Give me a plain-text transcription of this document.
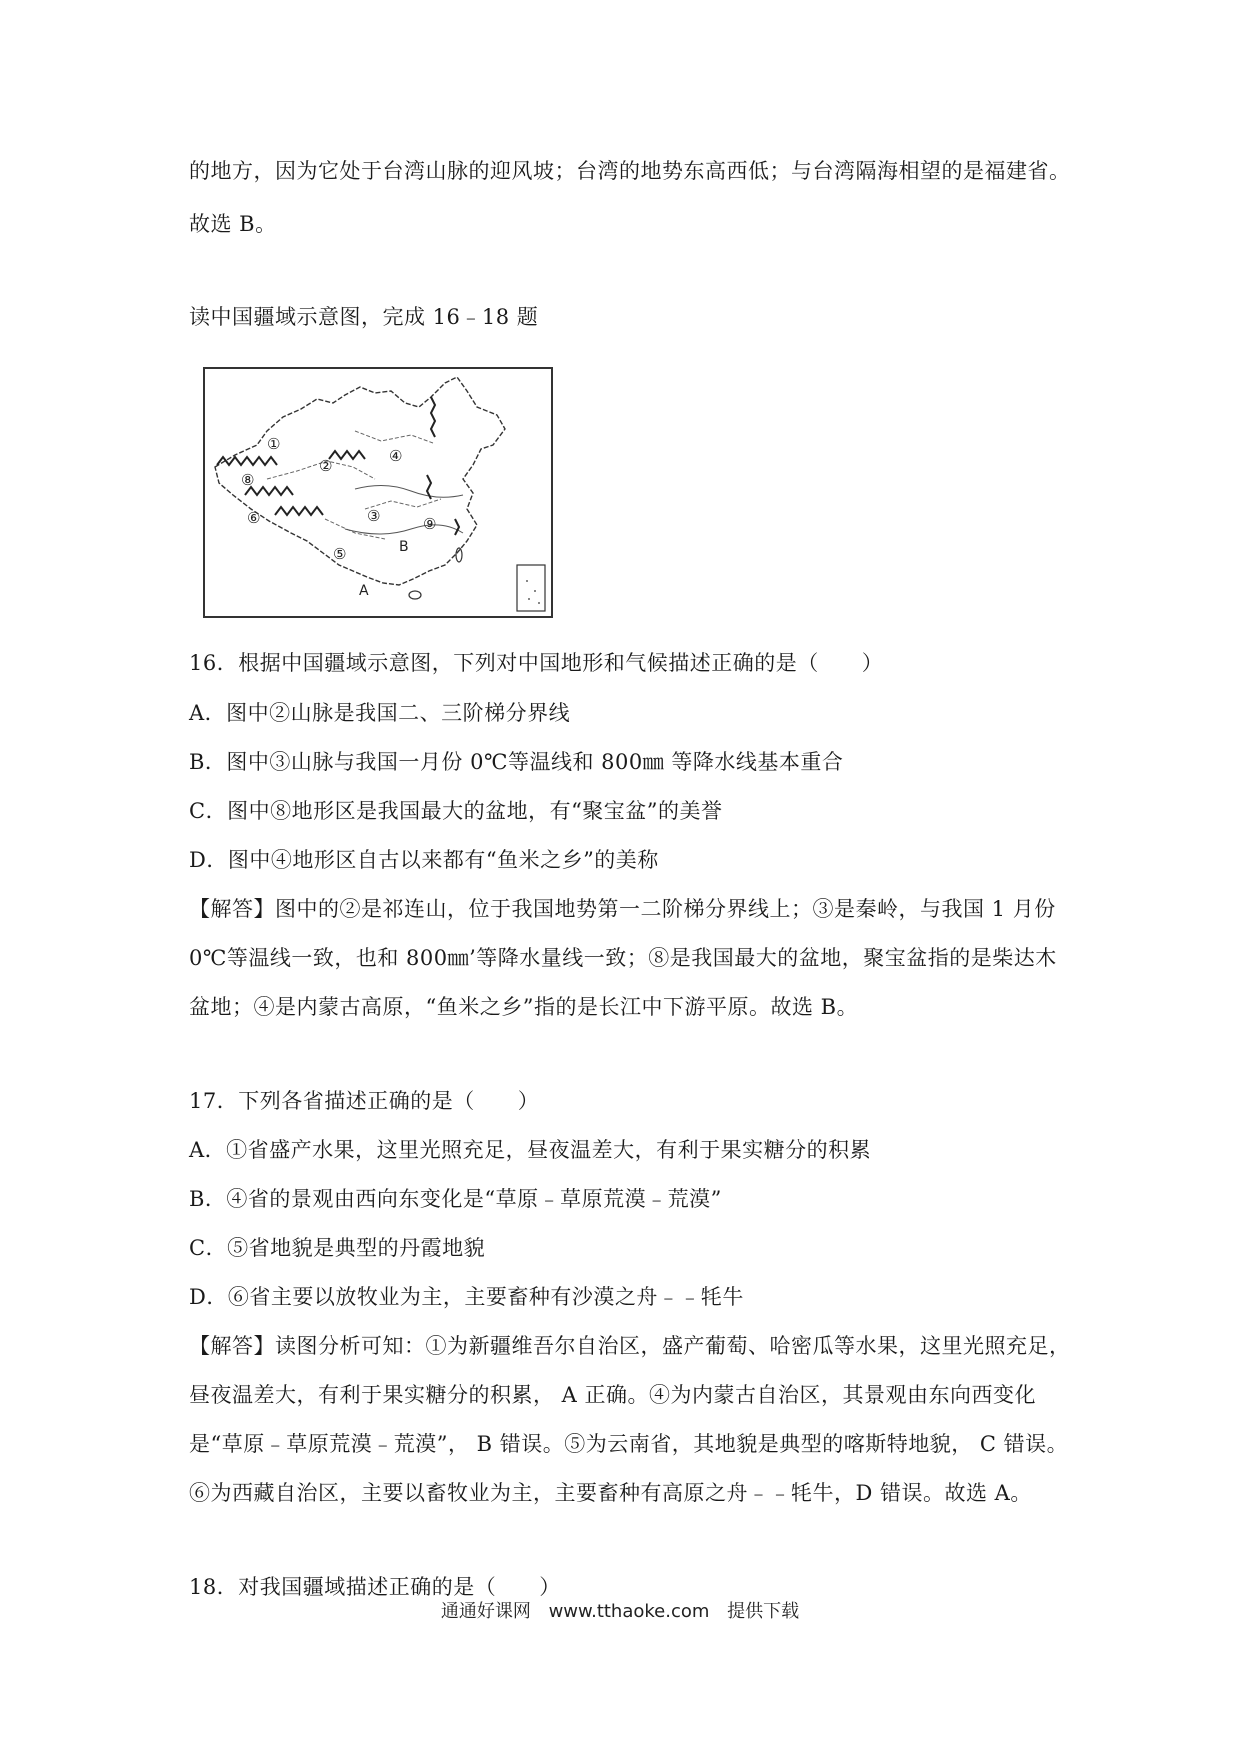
的地方，因为它处于台湾山脉的迎风坡；台湾的地势东高西低；与台湾隔海相望的是福建省。
故选 B。
读中国疆域示意图，完成 16﹣18 题
①
②
③
④
⑤
⑥
⑧
⑨
A
B
16．根据中国疆域示意图，下列对中国地形和气候描述正确的是（　　）
A．图中②山脉是我国二、三阶梯分界线
B．图中③山脉与我国一月份 0℃等温线和 800㎜ 等降水线基本重合
C．图中⑧地形区是我国最大的盆地，有“聚宝盆”的美誉
D．图中④地形区自古以来都有“鱼米之乡”的美称
【解答】图中的②是祁连山，位于我国地势第一二阶梯分界线上；③是秦岭，与我国 1 月份
0℃等温线一致，也和 800㎜’等降水量线一致；⑧是我国最大的盆地，聚宝盆指的是柴达木
盆地；④是内蒙古高原，“鱼米之乡”指的是长江中下游平原。故选 B。
17．下列各省描述正确的是（　　）
A．①省盛产水果，这里光照充足，昼夜温差大，有利于果实糖分的积累
B．④省的景观由西向东变化是“草原﹣草原荒漠﹣荒漠”
C．⑤省地貌是典型的丹霞地貌
D．⑥省主要以放牧业为主，主要畜种有沙漠之舟﹣﹣牦牛
【解答】读图分析可知：①为新疆维吾尔自治区，盛产葡萄、哈密瓜等水果，这里光照充足，
昼夜温差大，有利于果实糖分的积累， A 正确。④为内蒙古自治区，其景观由东向西变化
是“草原﹣草原荒漠﹣荒漠”， B 错误。⑤为云南省，其地貌是典型的喀斯特地貌， C 错误。
⑥为西藏自治区，主要以畜牧业为主，主要畜种有高原之舟﹣﹣牦牛，D 错误。故选 A。
18．对我国疆域描述正确的是（　　）
通通好课网 www.tthaoke.com 提供下载
